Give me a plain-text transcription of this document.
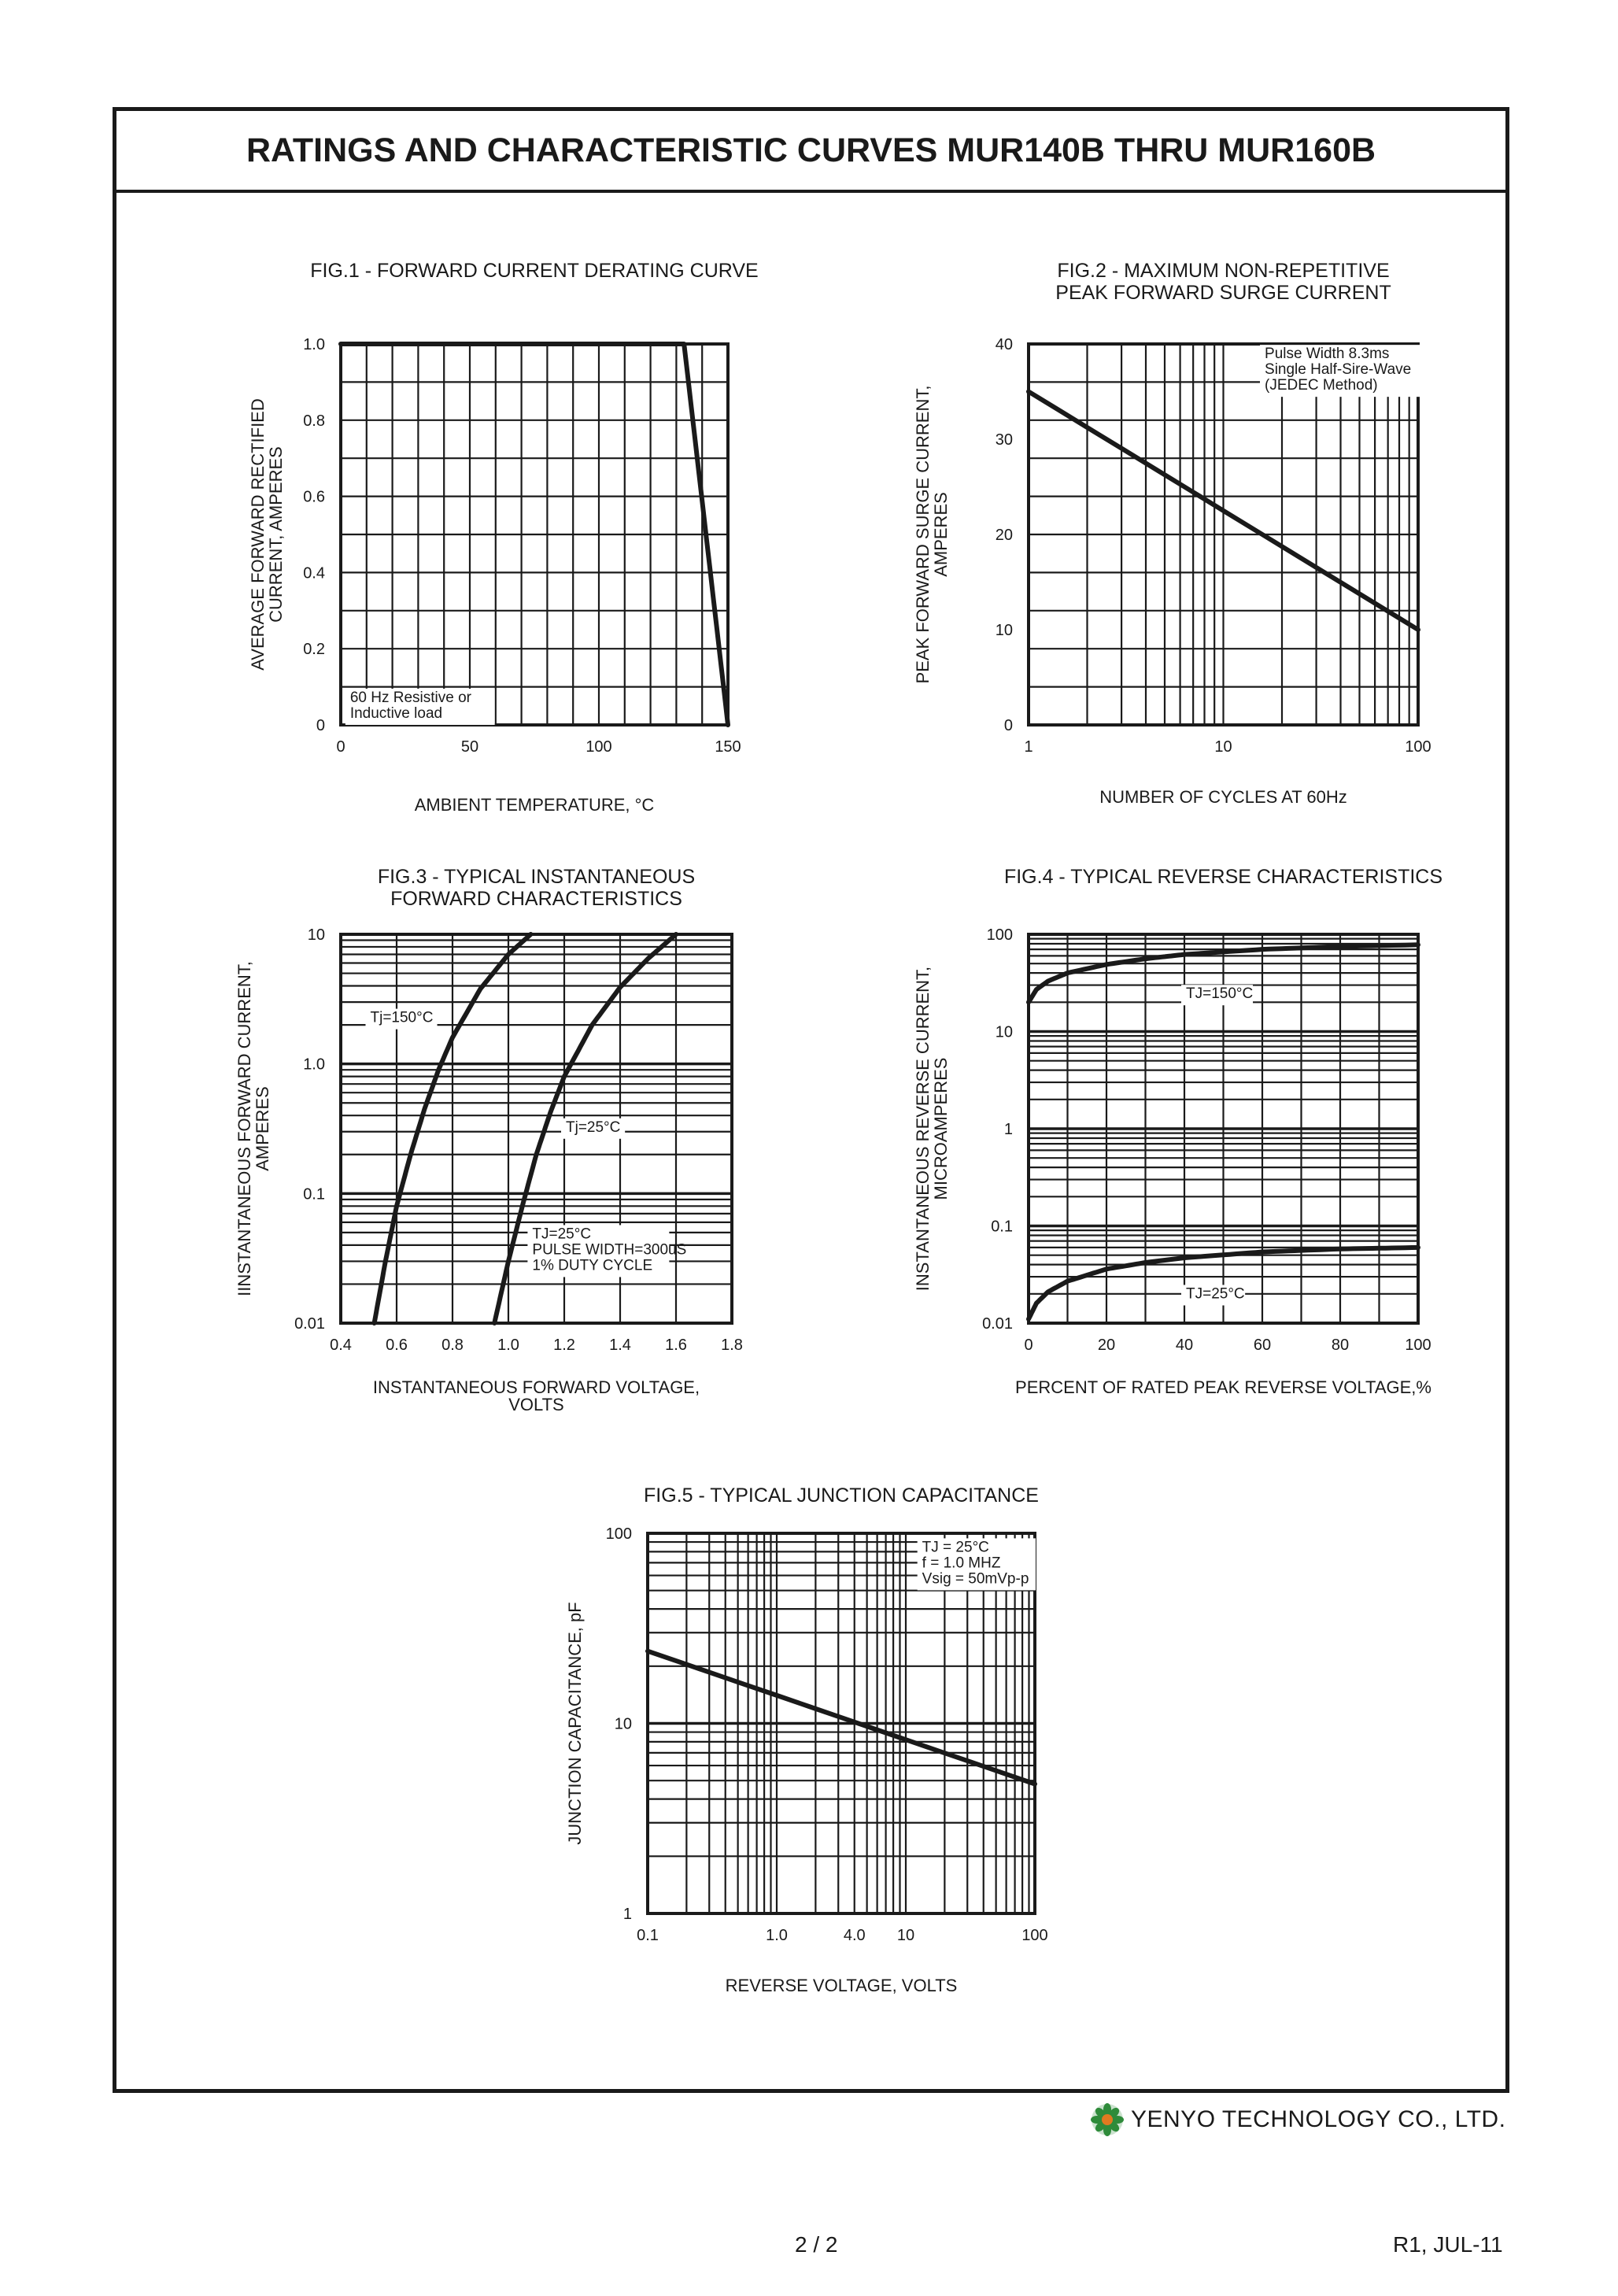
RATINGS AND CHARACTERISTIC CURVES MUR140B THRU MUR160B
FIG.1 - FORWARD CURRENT DERATING CURVE
0	50	100	150
0
0.2
0.4
0.6
0.8
1.0
AMBIENT TEMPERATURE, °C
AVERAGE FORWARD RECTIFIED
CURRENT, AMPERES
60 Hz Resistive or
Inductive load
FIG.2 - MAXIMUM NON-REPETITIVE
PEAK FORWARD SURGE CURRENT
1	10	100
0
10
20
30
40
NUMBER OF CYCLES AT 60Hz
PEAK FORWARD SURGE CURRENT,
AMPERES
Pulse Width 8.3ms
Single Half-Sire-Wave
(JEDEC Method)
FIG.3 - TYPICAL INSTANTANEOUS
FORWARD CHARACTERISTICS
0.4 0.6 0.8 1.0 1.2 1.4 1.6 1.8
0.01
0.1
1.0
10
INSTANTANEOUS FORWARD VOLTAGE,
VOLTS
IINSTANTANEOUS FORWARD CURRENT,
AMPERES
Tj=150°C
Tj=25°C
TJ=25°C
PULSE WIDTH=300uS
1% DUTY CYCLE
FIG.4 - TYPICAL REVERSE CHARACTERISTICS
0	20	40	60	80	100
0.01
0.1
1
10
100
PERCENT OF RATED PEAK REVERSE VOLTAGE,%
INSTANTANEOUS REVERSE CURRENT,
MICROAMPERES
TJ=150°C
TJ=25°C
FIG.5 - TYPICAL JUNCTION CAPACITANCE
0.1	1.0	4.0 10	100
1
10
100
REVERSE VOLTAGE, VOLTS
JUNCTION CAPACITANCE, pF
TJ = 25°C
f = 1.0 MHZ
Vsig = 50mVp-p
YENYO TECHNOLOGY CO., LTD.
2 / 2	R1, JUL-11
